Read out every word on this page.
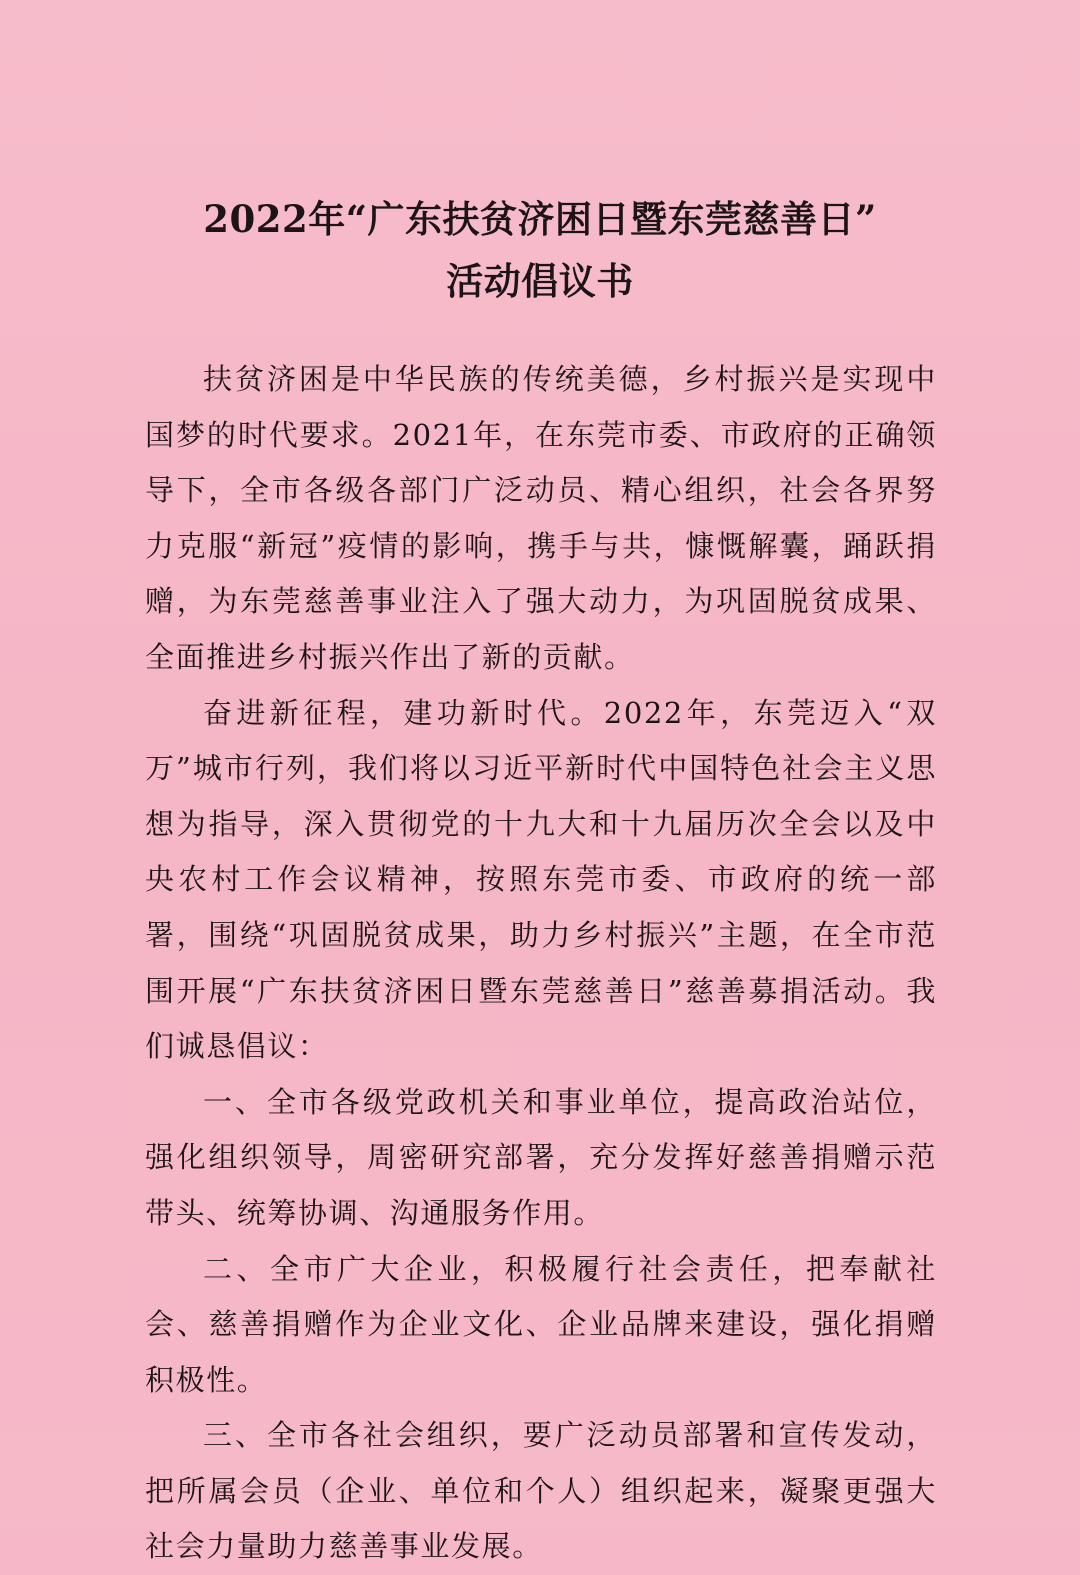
2022年“广东扶贫济困日暨东莞慈善日”
活动倡议书

扶贫济困是中华民族的传统美德，乡村振兴是实现中国梦的时代要求。2021年，在东莞市委、市政府的正确领导下，全市各级各部门广泛动员、精心组织，社会各界努力克服“新冠”疫情的影响，携手与共，慷慨解囊，踊跃捐赠，为东莞慈善事业注入了强大动力，为巩固脱贫成果、全面推进乡村振兴作出了新的贡献。

奋进新征程，建功新时代。2022年，东莞迈入“双万”城市行列，我们将以习近平新时代中国特色社会主义思想为指导，深入贯彻党的十九大和十九届历次全会以及中央农村工作会议精神，按照东莞市委、市政府的统一部署，围绕“巩固脱贫成果，助力乡村振兴”主题，在全市范围开展“广东扶贫济困日暨东莞慈善日”慈善募捐活动。我们诚恳倡议：

一、全市各级党政机关和事业单位，提高政治站位，强化组织领导，周密研究部署，充分发挥好慈善捐赠示范带头、统筹协调、沟通服务作用。

二、全市广大企业，积极履行社会责任，把奉献社会、慈善捐赠作为企业文化、企业品牌来建设，强化捐赠积极性。

三、全市各社会组织，要广泛动员部署和宣传发动，把所属会员（企业、单位和个人）组织起来，凝聚更强大社会力量助力慈善事业发展。
